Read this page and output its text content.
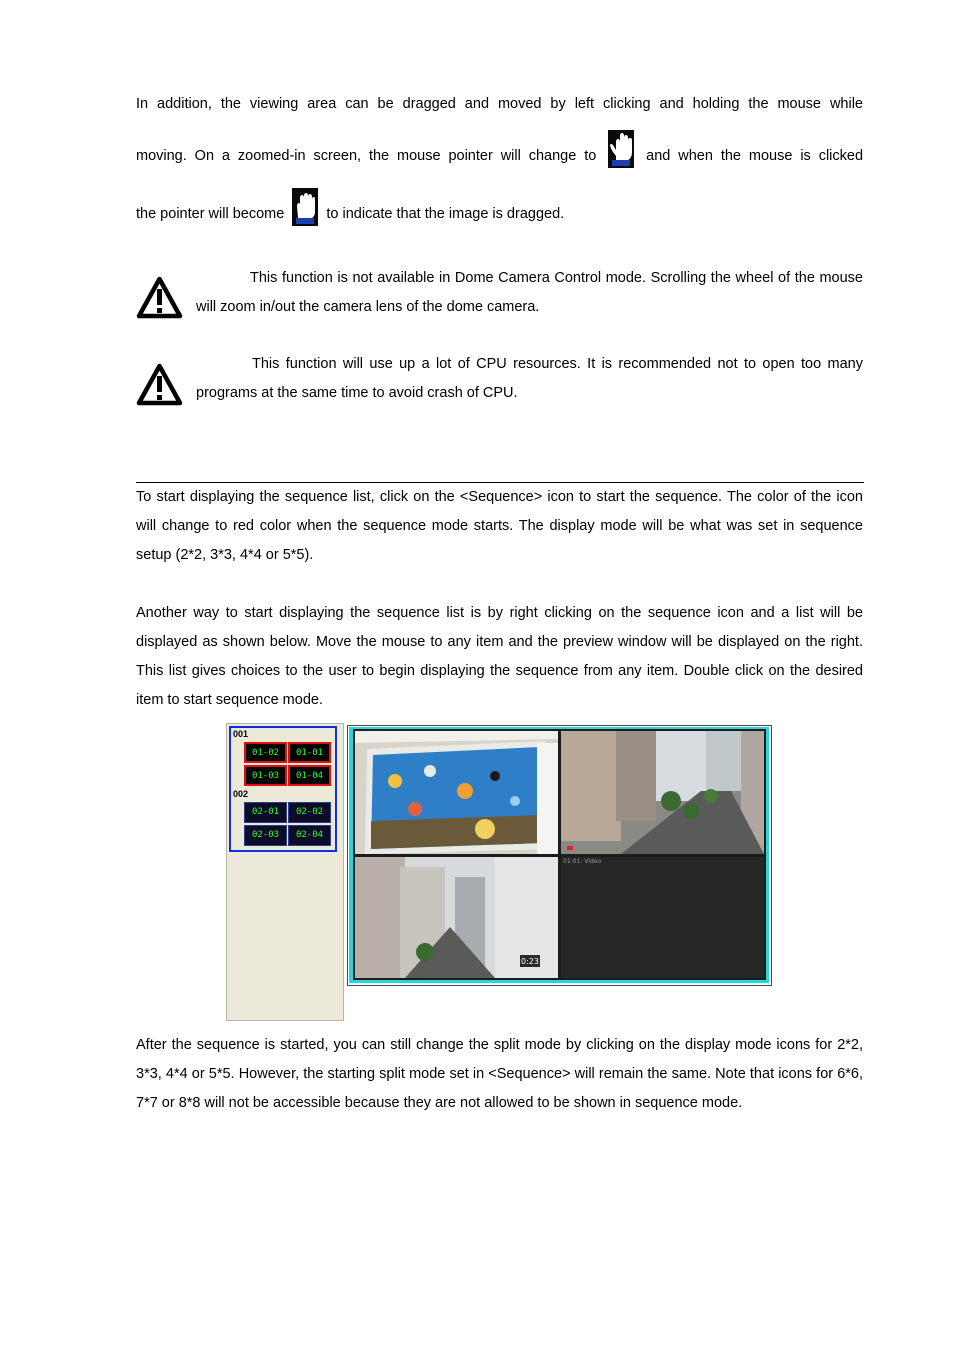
In addition, the viewing area can be dragged and moved by left clicking and holding the mouse while

moving. On a zoomed-in screen, the mouse pointer will change to	and when the mouse is clicked
the pointer will become	to indicate that the image is dragged.
This function is not available in Dome Camera Control mode. Scrolling the wheel of the mouse will zoom in/out the camera lens of the dome camera.
This function will use up a lot of CPU resources. It is recommended not to open too many programs at the same time to avoid crash of CPU.
To start displaying the sequence list, click on the <Sequence> icon to start the sequence. The color of the icon will change to red color when the sequence mode starts. The display mode will be what was set in sequence setup (2*2, 3*3, 4*4 or 5*5).
Another way to start displaying the sequence list is by right clicking on the sequence icon and a list will be displayed as shown below. Move the mouse to any item and the preview window will be displayed on the right. This list gives choices to the user to begin displaying the sequence from any item. Double click on the desired item to start sequence mode.
001
01-02	01-01
01-03	01-04
002
02-01	02-02
02-03	02-04
0:23
01-01: Video
After the sequence is started, you can still change the split mode by clicking on the display mode icons for 2*2, 3*3, 4*4 or 5*5. However, the starting split mode set in <Sequence> will remain the same. Note that icons for 6*6, 7*7 or 8*8 will not be accessible because they are not allowed to be shown in sequence mode.
